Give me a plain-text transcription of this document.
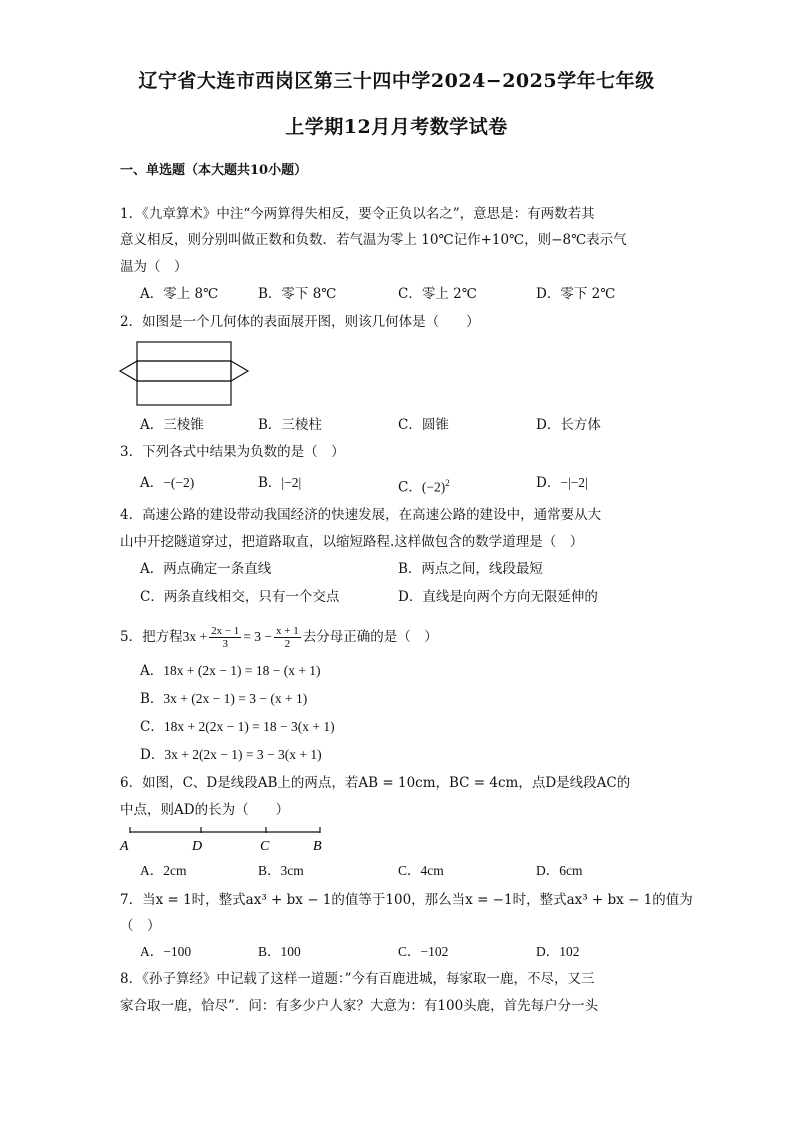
辽宁省大连市西岗区第三十四中学2024−2025学年七年级
上学期12月月考数学试卷
一、单选题（本大题共10小题）
1．《九章算术》中注“今两算得失相反，要令正负以名之”，意思是：有两数若其
意义相反，则分别叫做正数和负数．若气温为零上 10℃记作+10℃，则−8℃表示气
温为（　）
A．零上 8℃	B．零下 8℃	C．零上 2℃	D．零下 2℃
2．如图是一个几何体的表面展开图，则该几何体是（　　）
A．三棱锥	B．三棱柱	C．圆锥	D．长方体
3．下列各式中结果为负数的是（　）
A．−(−2)	B．|−2|	C．$(-2)^2$	D．−|−2|
4．高速公路的建设带动我国经济的快速发展，在高速公路的建设中，通常要从大
山中开挖隧道穿过，把道路取直，以缩短路程.这样做包含的数学道理是（　）
A．两点确定一条直线	B．两点之间，线段最短
C．两条直线相交，只有一个交点	D．直线是向两个方向无限延伸的
5．把方程$3x + \frac{2x - 1}{3} = 3 - \frac{x + 1}{2}$ 去分母正确的是（　）
A．18x + (2x − 1) = 18 − (x + 1)
B．3x + (2x − 1) = 3 − (x + 1)
C．18x + 2(2x − 1) = 18 − 3(x + 1)
D．3x + 2(2x − 1) = 3 − 3(x + 1)
6．如图，C、D是线段AB上的两点，若AB = 10cm，BC = 4cm，点D是线段AC的
中点，则AD的长为（　　）
A	D	C	B
A．2cm	B．3cm	C．4cm	D．6cm
7．当x = 1时，整式ax³ + bx − 1的值等于100，那么当x = −1时，整式ax³ + bx − 1的值为
（　）
A．−100	B．100	C．−102	D．102
8．《孙子算经》中记载了这样一道题：”今有百鹿进城，每家取一鹿，不尽，又三
家合取一鹿，恰尽”．问：有多少户人家？大意为：有100头鹿，首先每户分一头
